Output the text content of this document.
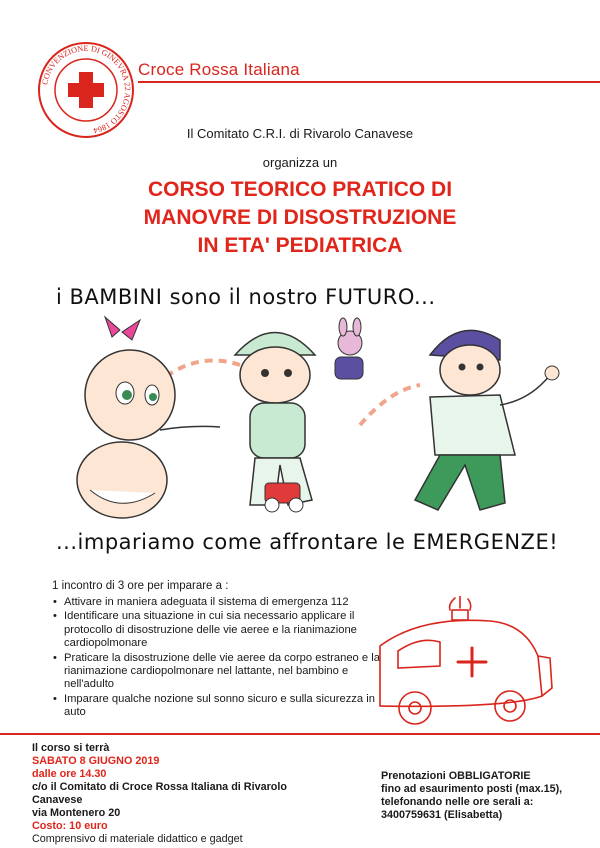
CONVENZIONE DI GINEVRA 22 AGOSTO 1864
Croce Rossa Italiana
Il Comitato C.R.I. di Rivarolo Canavese
organizza un
CORSO TEORICO PRATICO DI
MANOVRE DI DISOSTRUZIONE
IN ETA' PEDIATRICA
i BAMBINI sono il nostro FUTURO...
...impariamo come affrontare le EMERGENZE!
1 incontro di 3 ore per imparare a :
• Attivare in maniera adeguata il sistema di emergenza 112
• Identificare una situazione in cui sia necessario applicare il protocollo di disostruzione delle vie aeree e la rianimazione cardiopolmonare
• Praticare la disostruzione delle vie aeree da corpo estraneo e la rianimazione cardiopolmonare nel lattante, nel bambino e nell'adulto
• Imparare qualche nozione sul sonno sicuro e sulla sicurezza in auto
Il corso si terrà
SABATO 8 GIUGNO 2019
dalle ore 14.30
c/o il Comitato di Croce Rossa Italiana di Rivarolo
Canavese
via Montenero 20
Costo: 10 euro
Comprensivo di materiale didattico e gadget
Prenotazioni OBBLIGATORIE
fino ad esaurimento posti (max.15),
telefonando nelle ore serali a:
3400759631 (Elisabetta)
